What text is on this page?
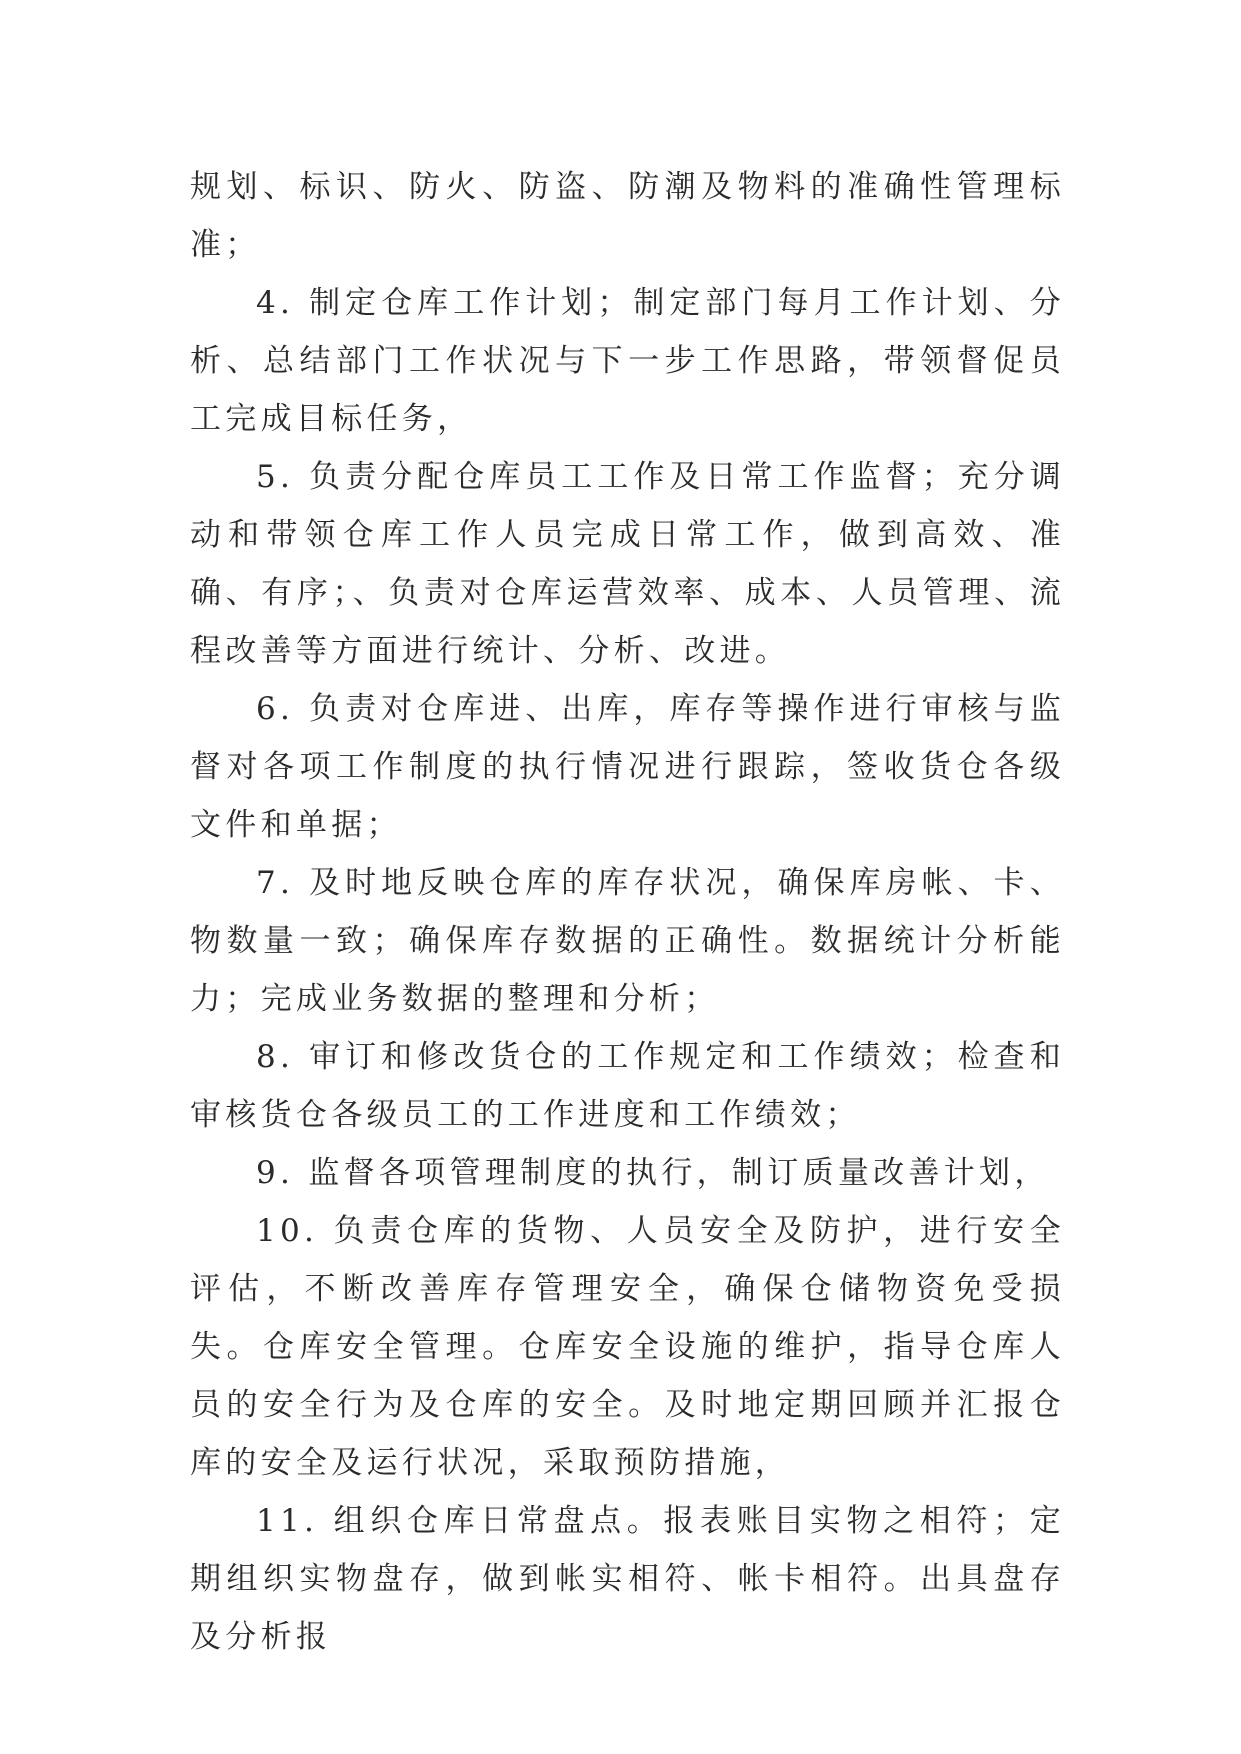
规划、标识、防火、防盗、防潮及物料的准确性管理标准；

4. 制定仓库工作计划；制定部门每月工作计划、分析、总结部门工作状况与下一步工作思路，带领督促员工完成目标任务，

5. 负责分配仓库员工工作及日常工作监督；充分调动和带领仓库工作人员完成日常工作，做到高效、准确、有序；、负责对仓库运营效率、成本、人员管理、流程改善等方面进行统计、分析、改进。

6. 负责对仓库进、出库，库存等操作进行审核与监督对各项工作制度的执行情况进行跟踪，签收货仓各级文件和单据；

7. 及时地反映仓库的库存状况，确保库房帐、卡、物数量一致；确保库存数据的正确性。数据统计分析能力；完成业务数据的整理和分析；

8. 审订和修改货仓的工作规定和工作绩效；检查和审核货仓各级员工的工作进度和工作绩效；

9. 监督各项管理制度的执行，制订质量改善计划，

10. 负责仓库的货物、人员安全及防护，进行安全评估，不断改善库存管理安全，确保仓储物资免受损失。仓库安全管理。仓库安全设施的维护，指导仓库人员的安全行为及仓库的安全。及时地定期回顾并汇报仓库的安全及运行状况，采取预防措施，

11. 组织仓库日常盘点。报表账目实物之相符；定期组织实物盘存，做到帐实相符、帐卡相符。出具盘存及分析报
